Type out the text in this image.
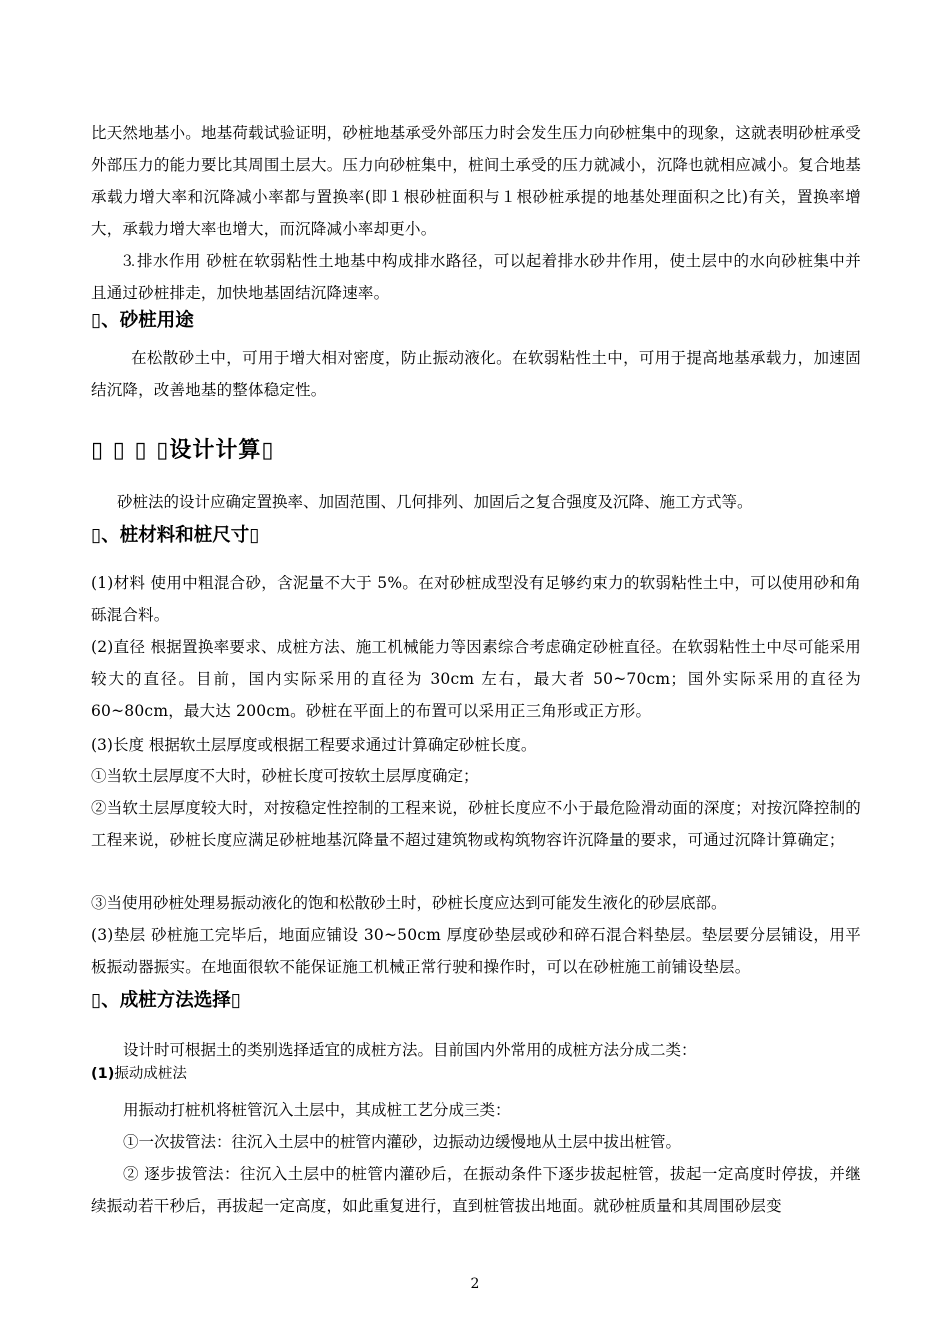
比天然地基小。地基荷载试验证明，砂桩地基承受外部压力时会发生压力向砂桩集中的现象，这就表明砂桩承受外部压力的能力要比其周围土层大。压力向砂桩集中，桩间土承受的压力就减小，沉降也就相应减小。复合地基承载力增大率和沉降减小率都与置换率(即１根砂桩面积与１根砂桩承提的地基处理面积之比)有关，置换率增大，承载力增大率也增大，而沉降减小率却更小。

⒊排水作用 砂桩在软弱粘性土地基中构成排水路径，可以起着排水砂井作用，使土层中的水向砂桩集中并且通过砂桩排走，加快地基固结沉降速率。

▯、砂桩用途

在松散砂土中，可用于增大相对密度，防止振动液化。在软弱粘性土中，可用于提高地基承载力，加速固结沉降，改善地基的整体稳定性。

▯ ▯ ▯ ▯设计计算▯

砂桩法的设计应确定置换率、加固范围、几何排列、加固后之复合强度及沉降、施工方式等。

▯、桩材料和桩尺寸▯

(1)材料 使用中粗混合砂，含泥量不大于 5%。在对砂桩成型没有足够约束力的软弱粘性土中，可以使用砂和角砾混合料。

(2)直径 根据置换率要求、成桩方法、施工机械能力等因素综合考虑确定砂桩直径。在软弱粘性土中尽可能采用较大的直径。目前，国内实际采用的直径为 30cm 左右，最大者 50~70cm；国外实际采用的直径为 60~80cm，最大达 200cm。砂桩在平面上的布置可以采用正三角形或正方形。

(3)长度 根据软土层厚度或根据工程要求通过计算确定砂桩长度。

①当软土层厚度不大时，砂桩长度可按软土层厚度确定；

②当软土层厚度较大时，对按稳定性控制的工程来说，砂桩长度应不小于最危险滑动面的深度；对按沉降控制的工程来说，砂桩长度应满足砂桩地基沉降量不超过建筑物或构筑物容许沉降量的要求，可通过沉降计算确定；

③当使用砂桩处理易振动液化的饱和松散砂土时，砂桩长度应达到可能发生液化的砂层底部。

(3)垫层 砂桩施工完毕后，地面应铺设 30~50cm 厚度砂垫层或砂和碎石混合料垫层。垫层要分层铺设，用平板振动器振实。在地面很软不能保证施工机械正常行驶和操作时，可以在砂桩施工前铺设垫层。

▯、成桩方法选择▯

设计时可根据土的类别选择适宜的成桩方法。目前国内外常用的成桩方法分成二类：

(1)振动成桩法

用振动打桩机将桩管沉入土层中，其成桩工艺分成三类：

①一次拔管法：往沉入土层中的桩管内灌砂，边振动边缓慢地从土层中拔出桩管。

② 逐步拔管法：往沉入土层中的桩管内灌砂后，在振动条件下逐步拔起桩管，拔起一定高度时停拔，并继续振动若干秒后，再拔起一定高度，如此重复进行，直到桩管拔出地面。就砂桩质量和其周围砂层变

2
